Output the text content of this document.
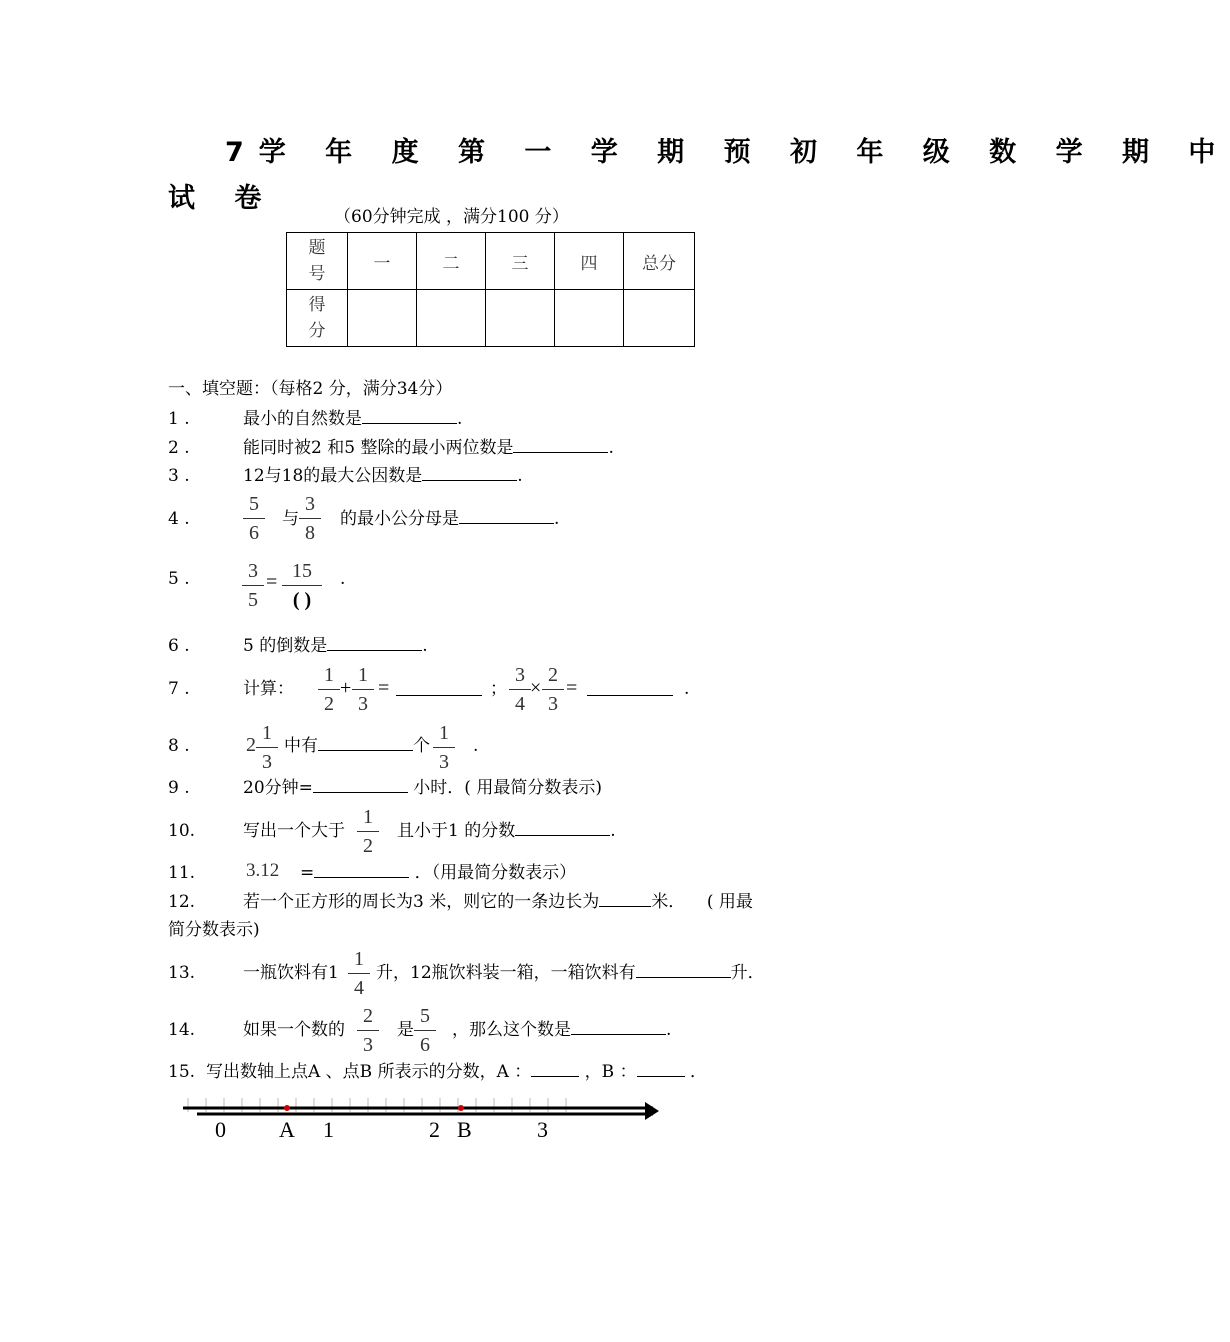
7学 年 度 第 一 学 期 预 初 年 级 数 学 期 中
试 卷
（60分钟完成 ，满分100 分）
题号	一	二	三	四	总分

得分					

一、填空题：（每格2 分，满分34分）
1 .	最小的自然数是	.
2 .	能同时被2 和5 整除的最小两位数是	.
3 .	12与18的最大公因数是	.
4 .
5
6
与
3
8
的最小公分母是	.
5 .	3
5
= 15
( )
.
6 .	5 的倒数是	.
7 .	计算：
1
2
+
1
3
=	；
3
4
×
2
3
=	.
8 .	2
1
3
中有	个
1
3
.
9 .	20分钟=	小时．( 用最简分数表示)
10.	写出一个大于
1
2
且小于1 的分数	.
11.	3.12 =	．（用最简分数表示）
12.	若一个正方形的周长为3 米，则它的一条边长为	米． ( 用最
简分数表示)
13.	一瓶饮料有1
1
4
升，12瓶饮料装一箱，一箱饮料有	升．
14.	如果一个数的
2
3
是
5
6
，那么这个数是	.
15. 写出数轴上点A 、点B 所表示的分数，A ：	，B ：	．
0 A 1	2 B	3
